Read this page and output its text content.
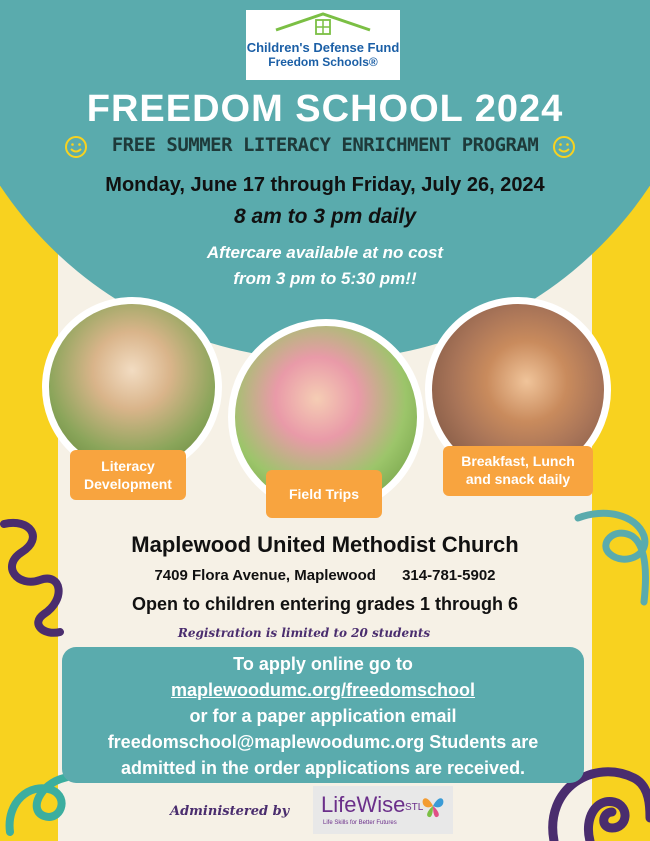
Children's Defense Fund
Freedom Schools®
FREEDOM SCHOOL 2024
FREE SUMMER LITERACY ENRICHMENT PROGRAM
Monday, June 17 through Friday, July 26, 2024
8 am to 3 pm daily
Aftercare available at no cost
from 3 pm to 5:30 pm!!
Literacy
Development
Field Trips
Breakfast, Lunch
and snack daily
Maplewood United Methodist Church
7409 Flora Avenue, Maplewood 314-781-5902
Open to children entering grades 1 through 6
Registration is limited to 20 students
To apply online go to
maplewoodumc.org/freedomschool
or for a paper application email
freedomschool@maplewoodumc.org Students are
admitted in the order applications are received.
Administered by LifeWise STL
Life Skills for Better Futures
